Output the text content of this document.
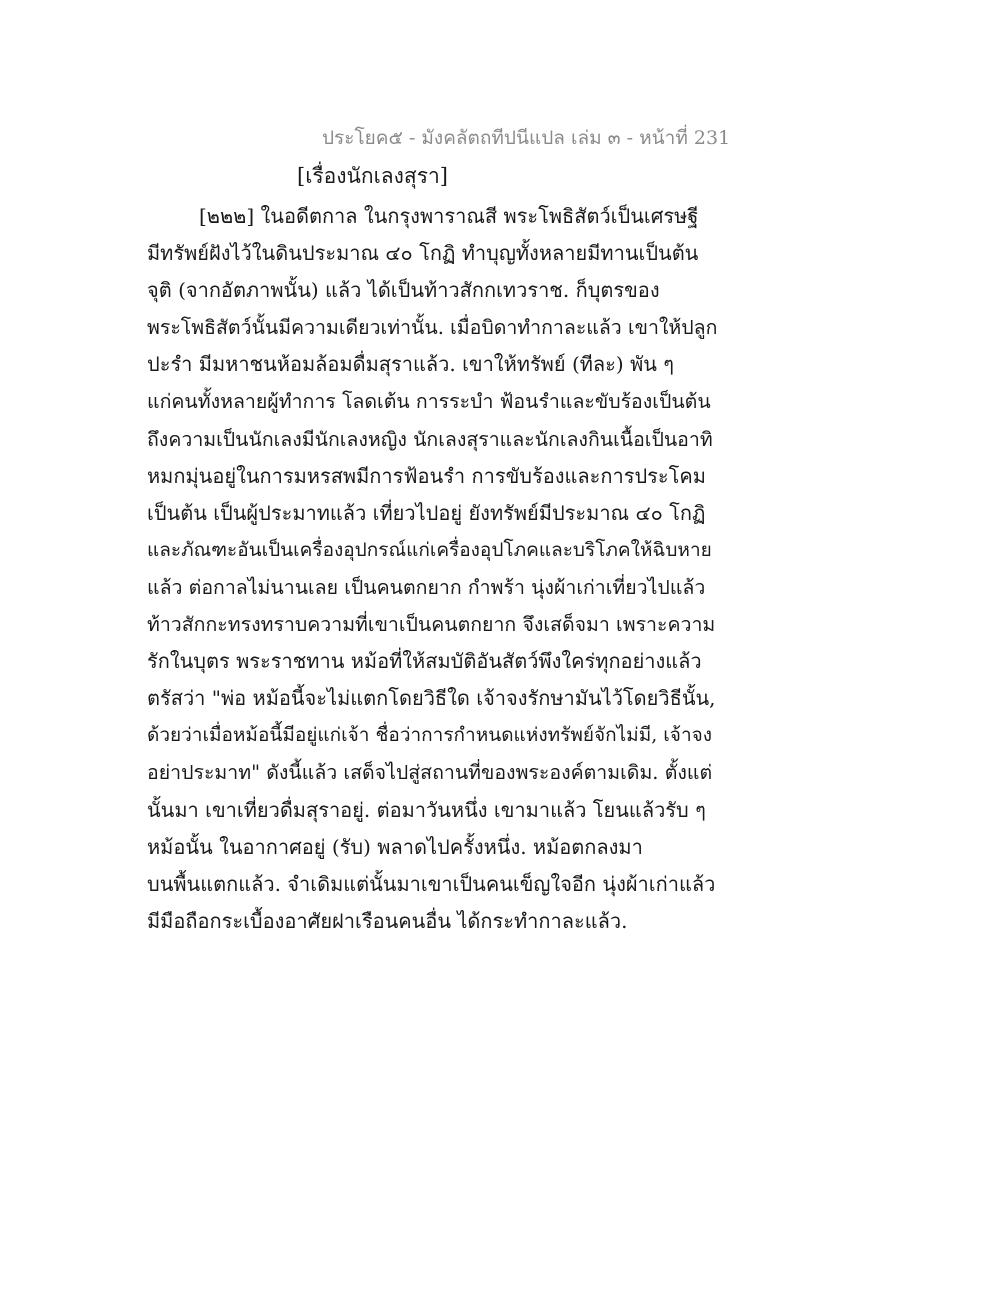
ประโยค๕ - มังคลัตถทีปนีแปล เล่ม ๓ - หน้าที่ 231
[เรื่องนักเลงสุรา]
[๒๒๒] ในอดีตกาล ในกรุงพาราณสี พระโพธิสัตว์เป็นเศรษฐี
มีทรัพย์ฝังไว้ในดินประมาณ ๔๐ โกฏิ ทำบุญทั้งหลายมีทานเป็นต้น
จุติ (จากอัตภาพนั้น) แล้ว ได้เป็นท้าวสักกเทวราช. ก็บุตรของ
พระโพธิสัตว์นั้นมีความเดียวเท่านั้น. เมื่อบิดาทำกาละแล้ว เขาให้ปลูก
ปะรำ มีมหาชนห้อมล้อมดื่มสุราแล้ว. เขาให้ทรัพย์ (ทีละ) พัน ๆ
แก่คนทั้งหลายผู้ทำการ โลดเต้น การระบำ ฟ้อนรำและขับร้องเป็นต้น
ถึงความเป็นนักเลงมีนักเลงหญิง นักเลงสุราและนักเลงกินเนื้อเป็นอาทิ
หมกมุ่นอยู่ในการมหรสพมีการฟ้อนรำ การขับร้องและการประโคม
เป็นต้น เป็นผู้ประมาทแล้ว เที่ยวไปอยู่ ยังทรัพย์มีประมาณ ๔๐ โกฏิ
และภัณฑะอันเป็นเครื่องอุปกรณ์แก่เครื่องอุปโภคและบริโภคให้ฉิบหาย
แล้ว ต่อกาลไม่นานเลย เป็นคนตกยาก กำพร้า นุ่งผ้าเก่าเที่ยวไปแล้ว
ท้าวสักกะทรงทราบความที่เขาเป็นคนตกยาก จึงเสด็จมา เพราะความ
รักในบุตร พระราชทาน หม้อที่ให้สมบัติอันสัตว์พึงใคร่ทุกอย่างแล้ว
ตรัสว่า "พ่อ หม้อนี้จะไม่แตกโดยวิธีใด เจ้าจงรักษามันไว้โดยวิธีนั้น,
ด้วยว่าเมื่อหม้อนี้มีอยู่แก่เจ้า ชื่อว่าการกำหนดแห่งทรัพย์จักไม่มี, เจ้าจง
อย่าประมาท" ดังนี้แล้ว เสด็จไปสู่สถานที่ของพระองค์ตามเดิม. ตั้งแต่
นั้นมา เขาเที่ยวดื่มสุราอยู่. ต่อมาวันหนึ่ง เขามาแล้ว โยนแล้วรับ ๆ
หม้อนั้น ในอากาศอยู่ (รับ) พลาดไปครั้งหนึ่ง. หม้อตกลงมา
บนพื้นแตกแล้ว. จำเดิมแต่นั้นมาเขาเป็นคนเข็ญใจอีก นุ่งผ้าเก่าแล้ว
มีมือถือกระเบื้องอาศัยฝาเรือนคนอื่น ได้กระทำกาละแล้ว.
